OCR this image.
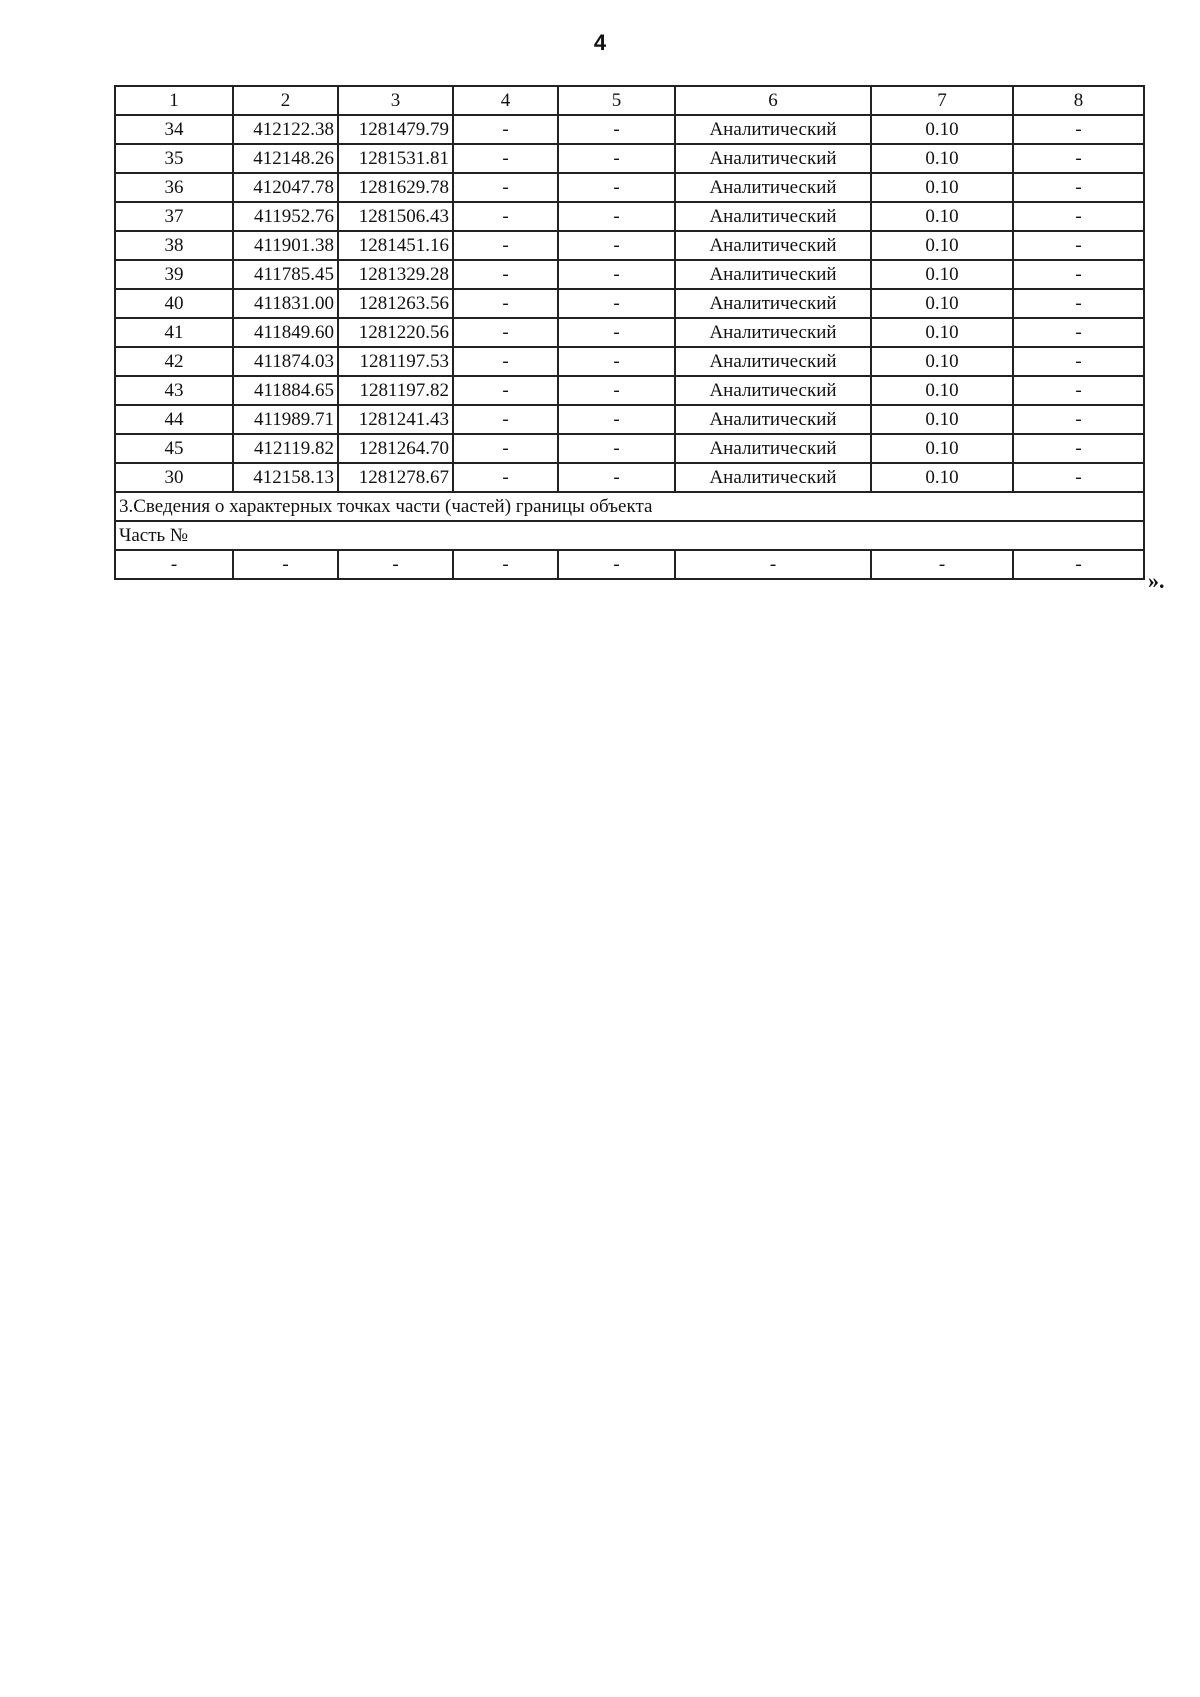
4
1	2	3	4	5	6	7	8
34	412122.38	1281479.79	-	-	Аналитический	0.10	-
35	412148.26	1281531.81	-	-	Аналитический	0.10	-
36	412047.78	1281629.78	-	-	Аналитический	0.10	-
37	411952.76	1281506.43	-	-	Аналитический	0.10	-
38	411901.38	1281451.16	-	-	Аналитический	0.10	-
39	411785.45	1281329.28	-	-	Аналитический	0.10	-
40	411831.00	1281263.56	-	-	Аналитический	0.10	-
41	411849.60	1281220.56	-	-	Аналитический	0.10	-
42	411874.03	1281197.53	-	-	Аналитический	0.10	-
43	411884.65	1281197.82	-	-	Аналитический	0.10	-
44	411989.71	1281241.43	-	-	Аналитический	0.10	-
45	412119.82	1281264.70	-	-	Аналитический	0.10	-
30	412158.13	1281278.67	-	-	Аналитический	0.10	-
3.Сведения о характерных точках части (частей) границы объекта							
Часть №							
-	-	-	-	-	-	-	-
».
